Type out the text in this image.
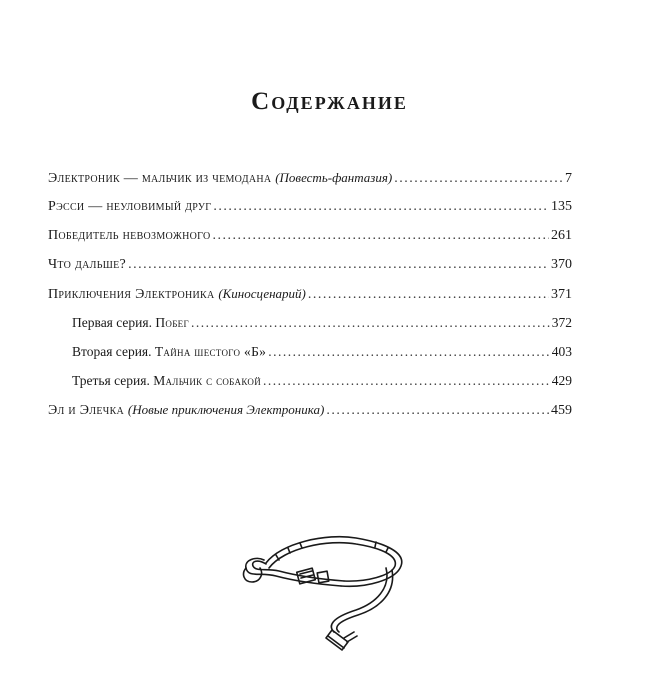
Содержание
Электроник — мальчик из чемодана (Повесть-фантазия) .....	7
Рэсси — неуловимый друг .....	135
Победитель невозможного .....	261
Что дальше? .....	370
Приключения Электроника (Киносценарий) .....	371
Первая серия. Побег .....	372
Вторая серия. Тайна шестого «Б» .....	403
Третья серия. Мальчик с собакой .....	429
Эл и Элечка (Новые приключения Электроника) .....	459
